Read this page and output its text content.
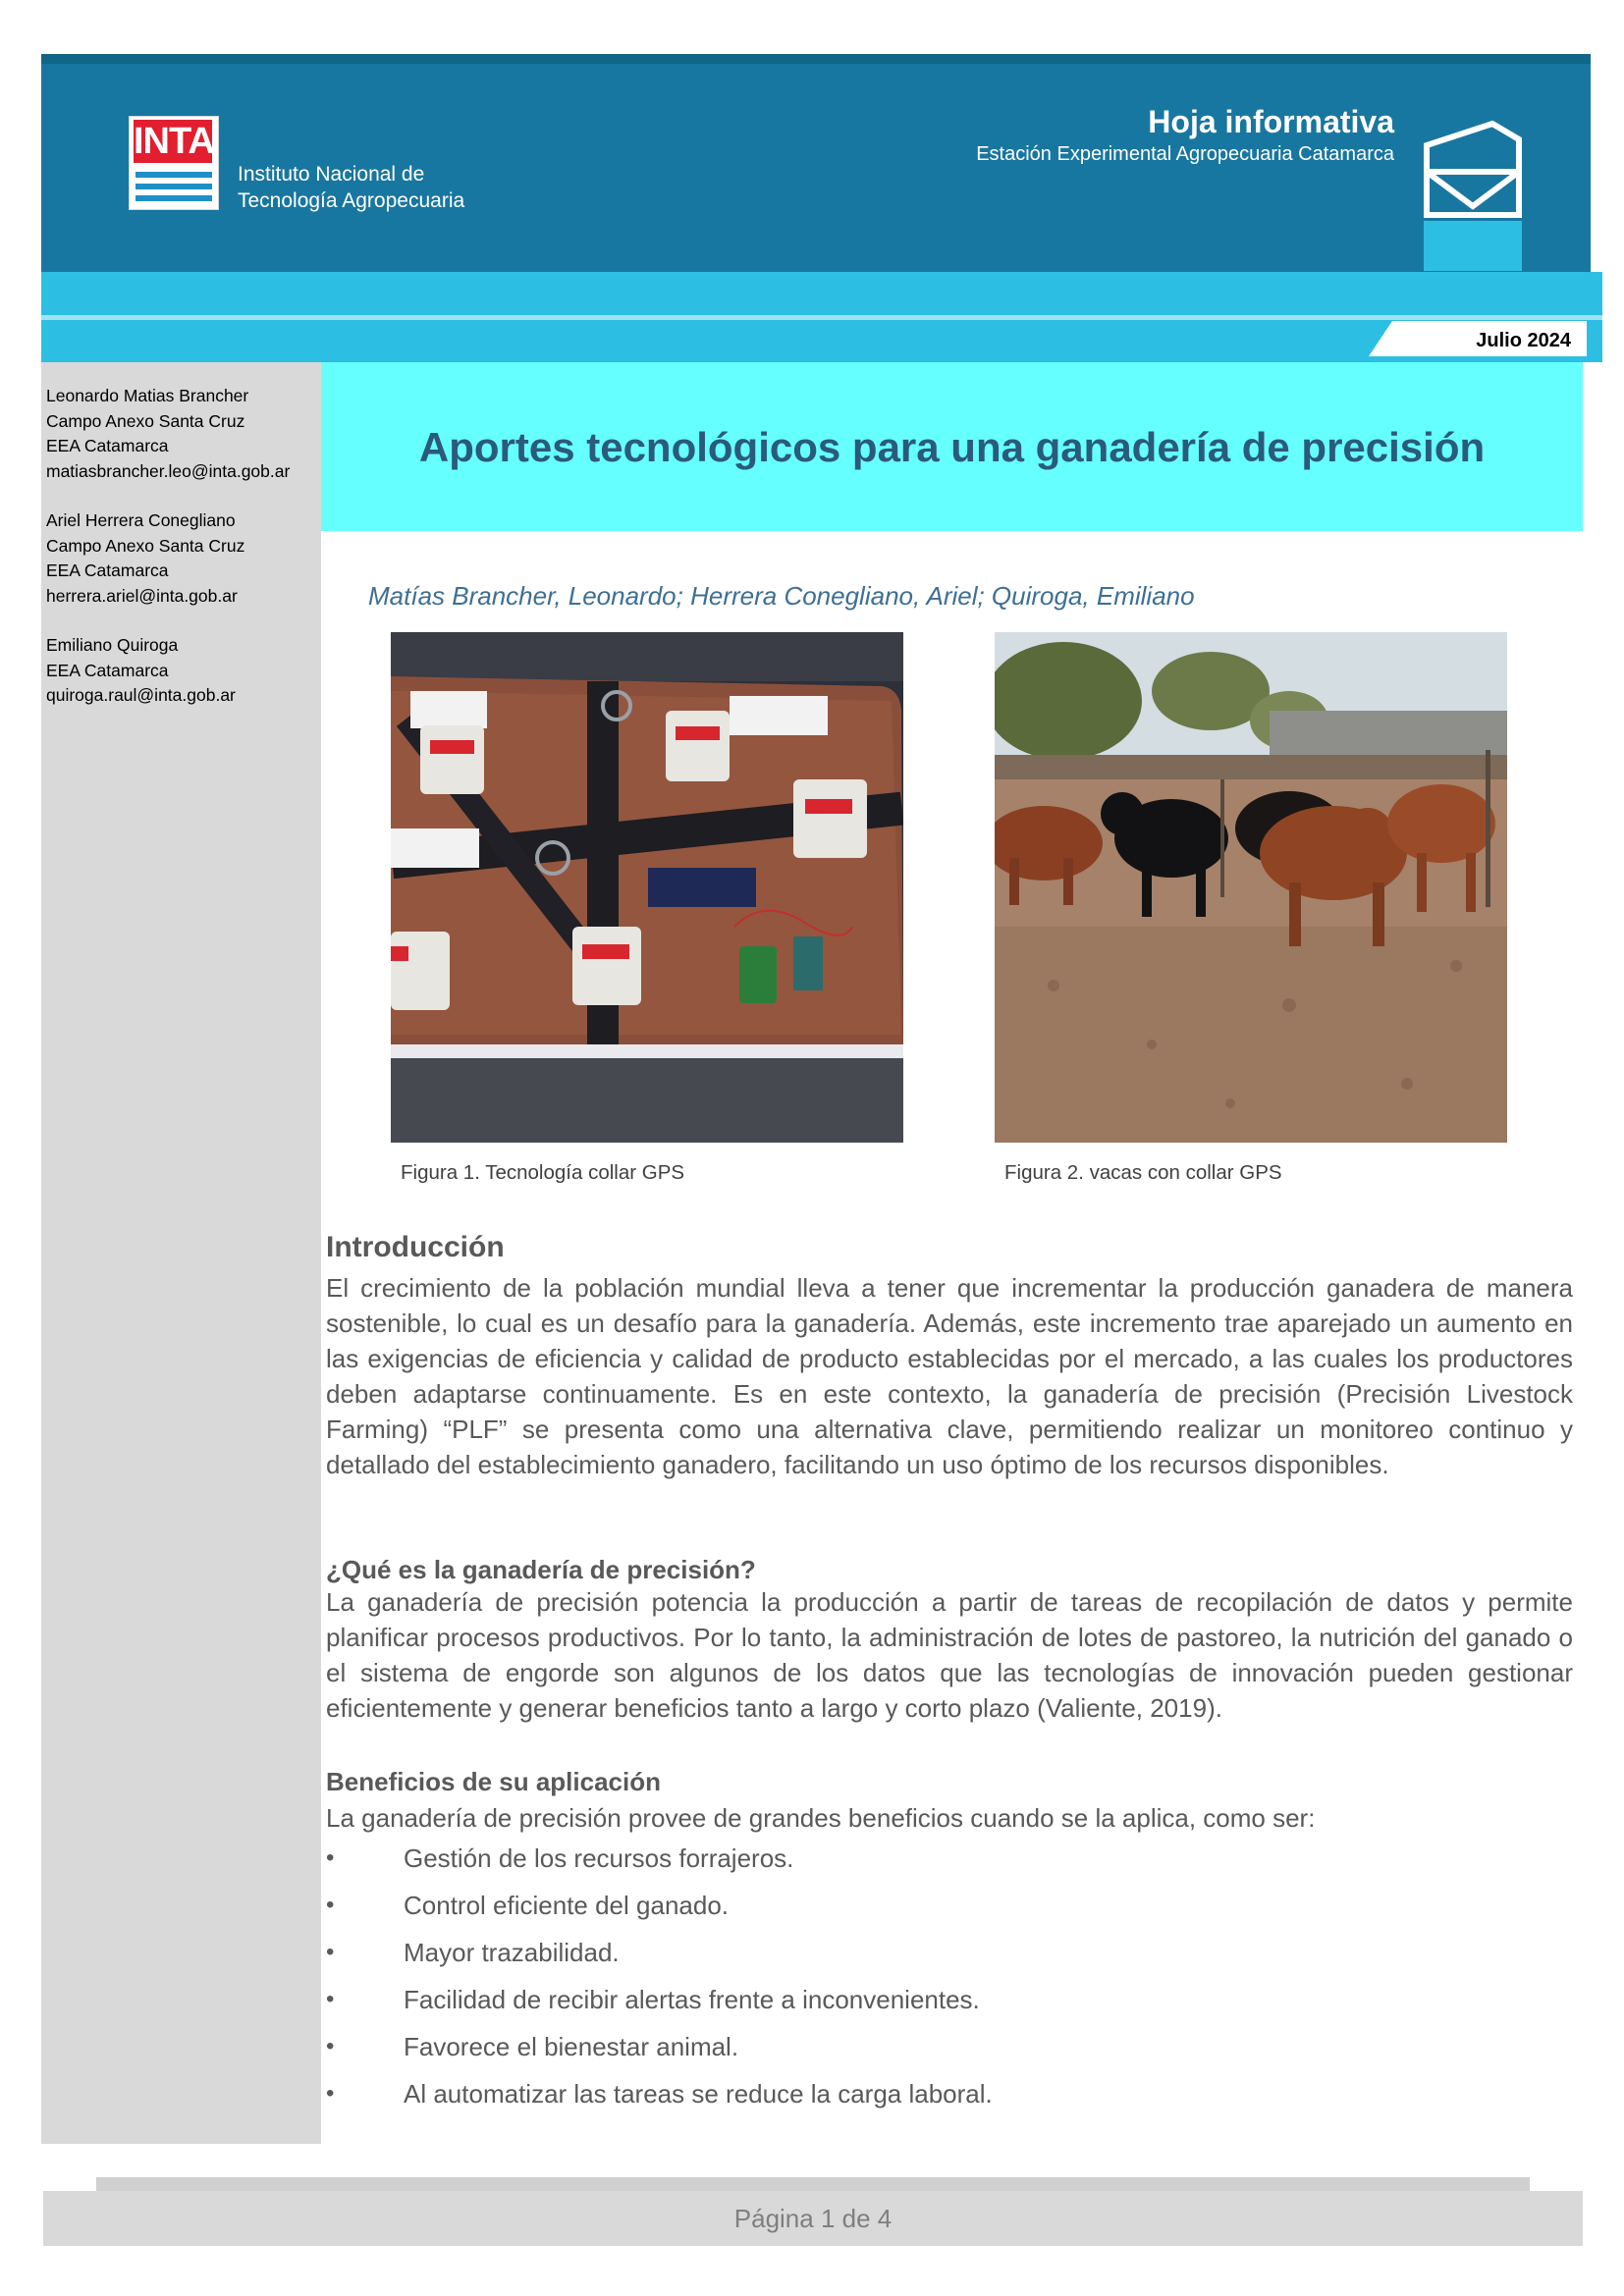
INTA
Instituto Nacional de
Tecnología Agropecuaria
Hoja informativa
Estación Experimental Agropecuaria Catamarca
Julio 2024
Leonardo Matias Brancher
Campo Anexo Santa Cruz
EEA Catamarca
matiasbrancher.leo@inta.gob.ar
Ariel Herrera Conegliano
Campo Anexo Santa Cruz
EEA Catamarca
herrera.ariel@inta.gob.ar
Emiliano Quiroga
EEA Catamarca
quiroga.raul@inta.gob.ar
Aportes tecnológicos para una ganadería de precisión
Matías Brancher, Leonardo; Herrera Conegliano, Ariel; Quiroga, Emiliano
Figura 1. Tecnología collar GPS	Figura 2. vacas con collar GPS
Introducción

El crecimiento de la población mundial lleva a tener que incrementar la producción ganadera de manera sostenible, lo cual es un desafío para la ganadería. Además, este incremento trae aparejado un aumento en las exigencias de eficiencia y calidad de producto establecidas por el mercado, a las cuales los productores deben adaptarse continuamente. Es en este contexto, la ganadería de precisión (Precisión Livestock Farming) “PLF” se presenta como una alternativa clave, permitiendo realizar un monitoreo continuo y detallado del establecimiento ganadero, facilitando un uso óptimo de los recursos disponibles.

¿Qué es la ganadería de precisión?

La ganadería de precisión potencia la producción a partir de tareas de recopilación de datos y permite planificar procesos productivos. Por lo tanto, la administración de lotes de pastoreo, la nutrición del ganado o el sistema de engorde son algunos de los datos que las tecnologías de innovación pueden gestionar eficientemente y generar beneficios tanto a largo y corto plazo (Valiente, 2019).

Beneficios de su aplicación

La ganadería de precisión provee de grandes beneficios cuando se la aplica, como ser:

•	Gestión de los recursos forrajeros.
•	Control eficiente del ganado.
•	Mayor trazabilidad.
•	Facilidad de recibir alertas frente a inconvenientes.
•	Favorece el bienestar animal.
•	Al automatizar las tareas se reduce la carga laboral.
Página 1 de 4
